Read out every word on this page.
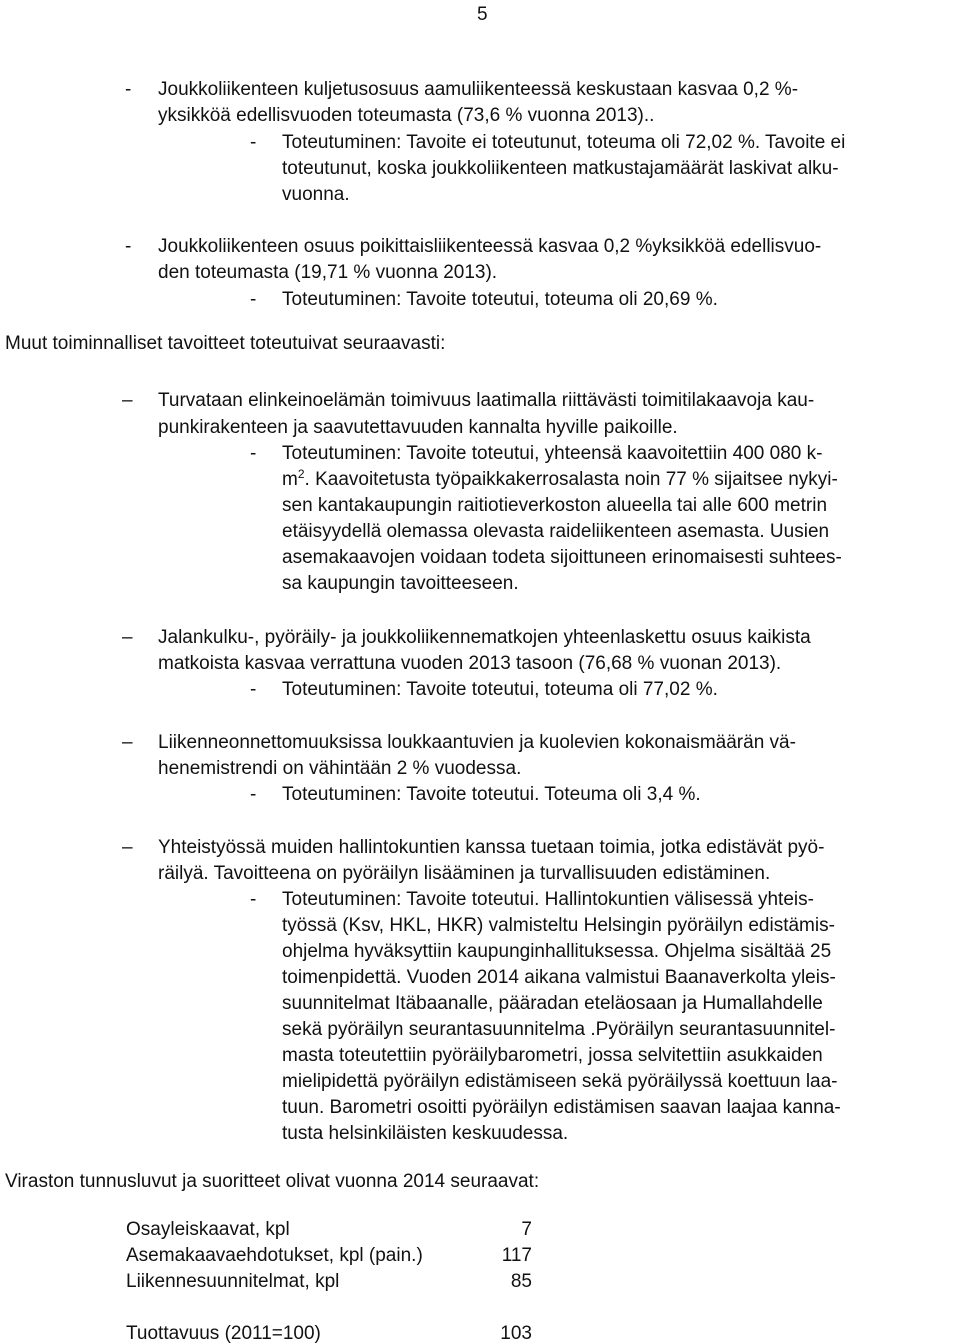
5
- Joukkoliikenteen kuljetusosuus aamuliikenteessä keskustaan kasvaa 0,2 %-
yksikköä edellisvuoden toteumasta (73,6 % vuonna 2013)..
- Toteutuminen: Tavoite ei toteutunut, toteuma oli 72,02 %. Tavoite ei
toteutunut, koska joukkoliikenteen matkustajamäärät laskivat alku-
vuonna.
- Joukkoliikenteen osuus poikittaisliikenteessä kasvaa 0,2 %yksikköä edellisvuo-
den toteumasta (19,71 % vuonna 2013).
- Toteutuminen: Tavoite toteutui, toteuma oli 20,69 %.
Muut toiminnalliset tavoitteet toteutuivat seuraavasti:
– Turvataan elinkeinoelämän toimivuus laatimalla riittävästi toimitilakaavoja kau-
punkirakenteen ja saavutettavuuden kannalta hyville paikoille.
- Toteutuminen: Tavoite toteutui, yhteensä kaavoitettiin 400 080 k-
$m^2$. Kaavoitetusta työpaikkakerrosalasta noin 77 % sijaitsee nykyi-
sen kantakaupungin raitiotieverkoston alueella tai alle 600 metrin
etäisyydellä olemassa olevasta raideliikenteen asemasta. Uusien
asemakaavojen voidaan todeta sijoittuneen erinomaisesti suhtees-
sa kaupungin tavoitteeseen.
– Jalankulku-, pyöräily- ja joukkoliikennematkojen yhteenlaskettu osuus kaikista
matkoista kasvaa verrattuna vuoden 2013 tasoon (76,68 % vuonan 2013).
- Toteutuminen: Tavoite toteutui, toteuma oli 77,02 %.
– Liikenneonnettomuuksissa loukkaantuvien ja kuolevien kokonaismäärän vä-
henemistrendi on vähintään 2 % vuodessa.
- Toteutuminen: Tavoite toteutui. Toteuma oli 3,4 %.
– Yhteistyössä muiden hallintokuntien kanssa tuetaan toimia, jotka edistävät pyö-
räilyä. Tavoitteena on pyöräilyn lisääminen ja turvallisuuden edistäminen.
- Toteutuminen: Tavoite toteutui. Hallintokuntien välisessä yhteis-
työssä (Ksv, HKL, HKR) valmisteltu Helsingin pyöräilyn edistämis-
ohjelma hyväksyttiin kaupunginhallituksessa. Ohjelma sisältää 25
toimenpidettä. Vuoden 2014 aikana valmistui Baanaverkolta yleis-
suunnitelmat Itäbaanalle, pääradan eteläosaan ja Humallahdelle
sekä pyöräilyn seurantasuunnitelma .Pyöräilyn seurantasuunnitel-
masta toteutettiin pyöräilybarometri, jossa selvitettiin asukkaiden
mielipidettä pyöräilyn edistämiseen sekä pyöräilyssä koettuun laa-
tuun. Barometri osoitti pyöräilyn edistämisen saavan laajaa kanna-
tusta helsinkiläisten keskuudessa.
Viraston tunnusluvut ja suoritteet olivat vuonna 2014 seuraavat:
Osayleiskaavat, kpl	7
Asemakaavaehdotukset, kpl (pain.)	117
Liikennesuunnitelmat, kpl	85
Tuottavuus (2011=100)	103
